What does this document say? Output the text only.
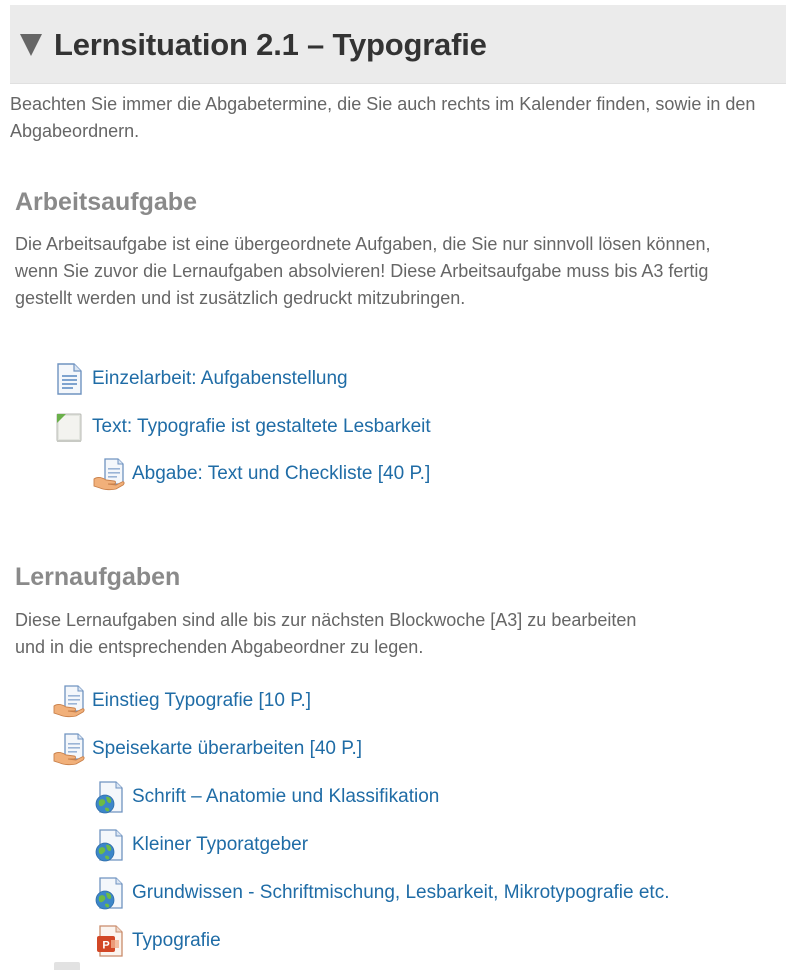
Lernsituation 2.1 – Typografie

Beachten Sie immer die Abgabetermine, die Sie auch rechts im Kalender finden, sowie in den Abgabeordnern.

Arbeitsaufgabe

Die Arbeitsaufgabe ist eine übergeordnete Aufgaben, die Sie nur sinnvoll lösen können, wenn Sie zuvor die Lernaufgaben absolvieren! Diese Arbeitsaufgabe muss bis A3 fertig gestellt werden und ist zusätzlich gedruckt mitzubringen.

Einzelarbeit: Aufgabenstellung
Text: Typografie ist gestaltete Lesbarkeit
Abgabe: Text und Checkliste [40 P.]
Lernaufgaben

Diese Lernaufgaben sind alle bis zur nächsten Blockwoche [A3] zu bearbeiten und in die entsprechenden Abgabeordner zu legen.

Einstieg Typografie [10 P.]
Speisekarte überarbeiten [40 P.]
Schrift – Anatomie und Klassifikation
Kleiner Typoratgeber
Grundwissen - Schriftmischung, Lesbarkeit, Mikrotypografie etc.
Typografie
